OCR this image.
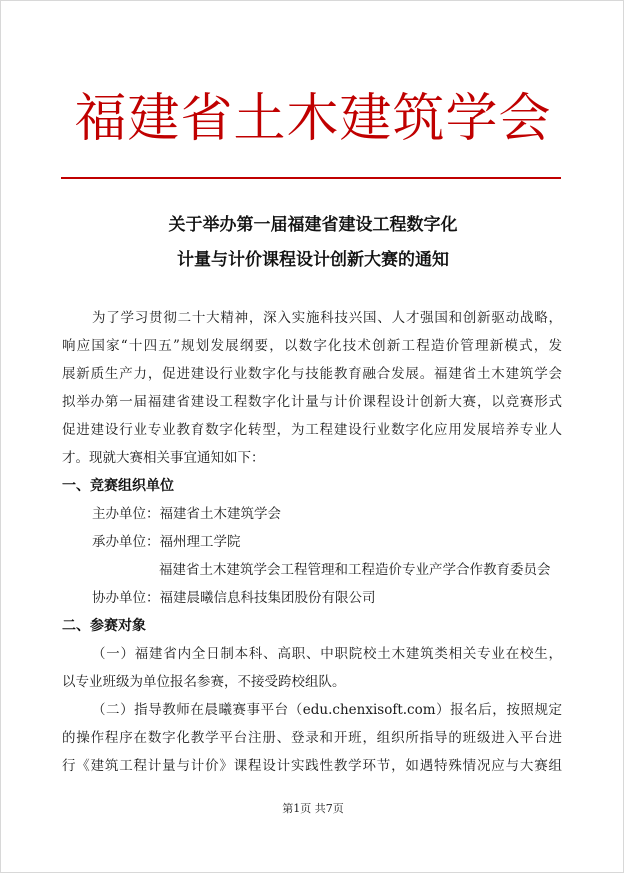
福建省土木建筑学会
关于举办第一届福建省建设工程数字化
计量与计价课程设计创新大赛的通知
为了学习贯彻二十大精神，深入实施科技兴国、人才强国和创新驱动战略，
响应国家“十四五”规划发展纲要，以数字化技术创新工程造价管理新模式，发
展新质生产力，促进建设行业数字化与技能教育融合发展。福建省土木建筑学会
拟举办第一届福建省建设工程数字化计量与计价课程设计创新大赛，以竞赛形式
促进建设行业专业教育数字化转型，为工程建设行业数字化应用发展培养专业人
才。现就大赛相关事宜通知如下：
一、竞赛组织单位
主办单位：福建省土木建筑学会
承办单位：福州理工学院
福建省土木建筑学会工程管理和工程造价专业产学合作教育委员会
协办单位：福建晨曦信息科技集团股份有限公司
二、参赛对象
（一）福建省内全日制本科、高职、中职院校土木建筑类相关专业在校生，
以专业班级为单位报名参赛，不接受跨校组队。
（二）指导教师在晨曦赛事平台（edu.chenxisoft.com）报名后，按照规定
的操作程序在数字化教学平台注册、登录和开班，组织所指导的班级进入平台进
行《建筑工程计量与计价》课程设计实践性教学环节，如遇特殊情况应与大赛组
第1页 共7页
